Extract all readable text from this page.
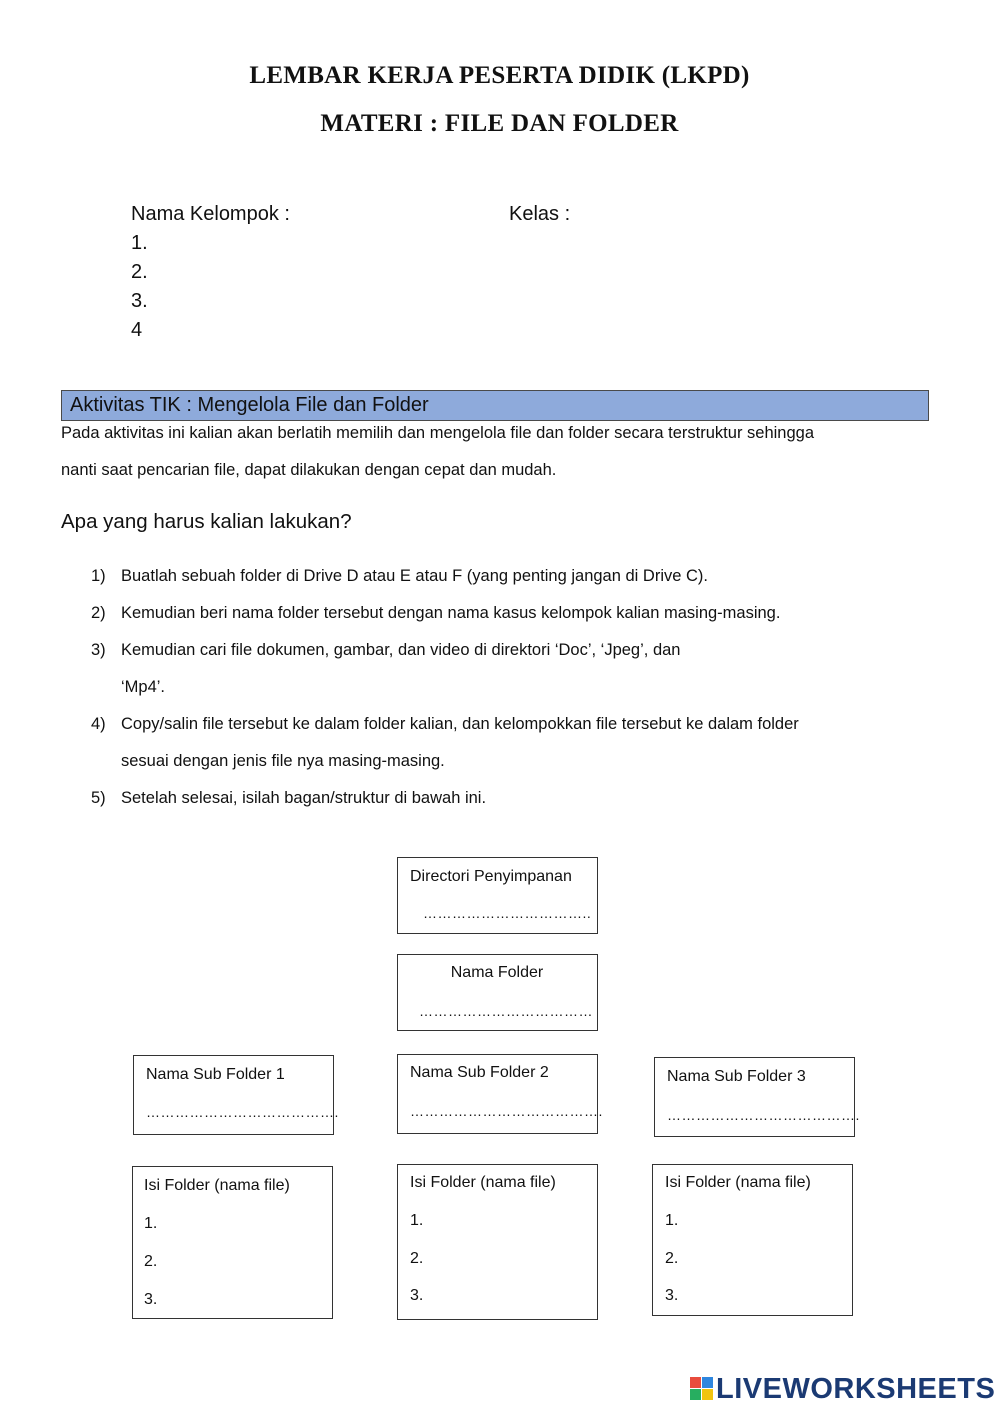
LEMBAR KERJA PESERTA DIDIK (LKPD)
MATERI : FILE DAN FOLDER
Nama Kelompok :	Kelas :
1.
2.
3.
4
Aktivitas TIK : Mengelola File dan Folder
Pada aktivitas ini kalian akan berlatih memilih dan mengelola file dan folder secara terstruktur sehingga
nanti saat pencarian file, dapat dilakukan dengan cepat dan mudah.
Apa yang harus kalian lakukan?
1) Buatlah sebuah folder di Drive D atau E atau F (yang penting jangan di Drive C).
2) Kemudian beri nama folder tersebut dengan nama kasus kelompok kalian masing-masing.
3) Kemudian cari file dokumen, gambar, dan video di direktori ‘Doc’, ‘Jpeg’, dan
‘Mp4’.
4) Copy/salin file tersebut ke dalam folder kalian, dan kelompokkan file tersebut ke dalam folder
sesuai dengan jenis file nya masing-masing.
5) Setelah selesai, isilah bagan/struktur di bawah ini.
Directori Penyimpanan
……………………………..
Nama Folder
………………………………
Nama Sub Folder 1
………………………………….
Nama Sub Folder 2
………………………………….
Nama Sub Folder 3
………………………………….
Isi Folder (nama file)
1.
2.
3.
Isi Folder (nama file)
1.
2.
3.
Isi Folder (nama file)
1.
2.
3.
LIVEWORKSHEETS
